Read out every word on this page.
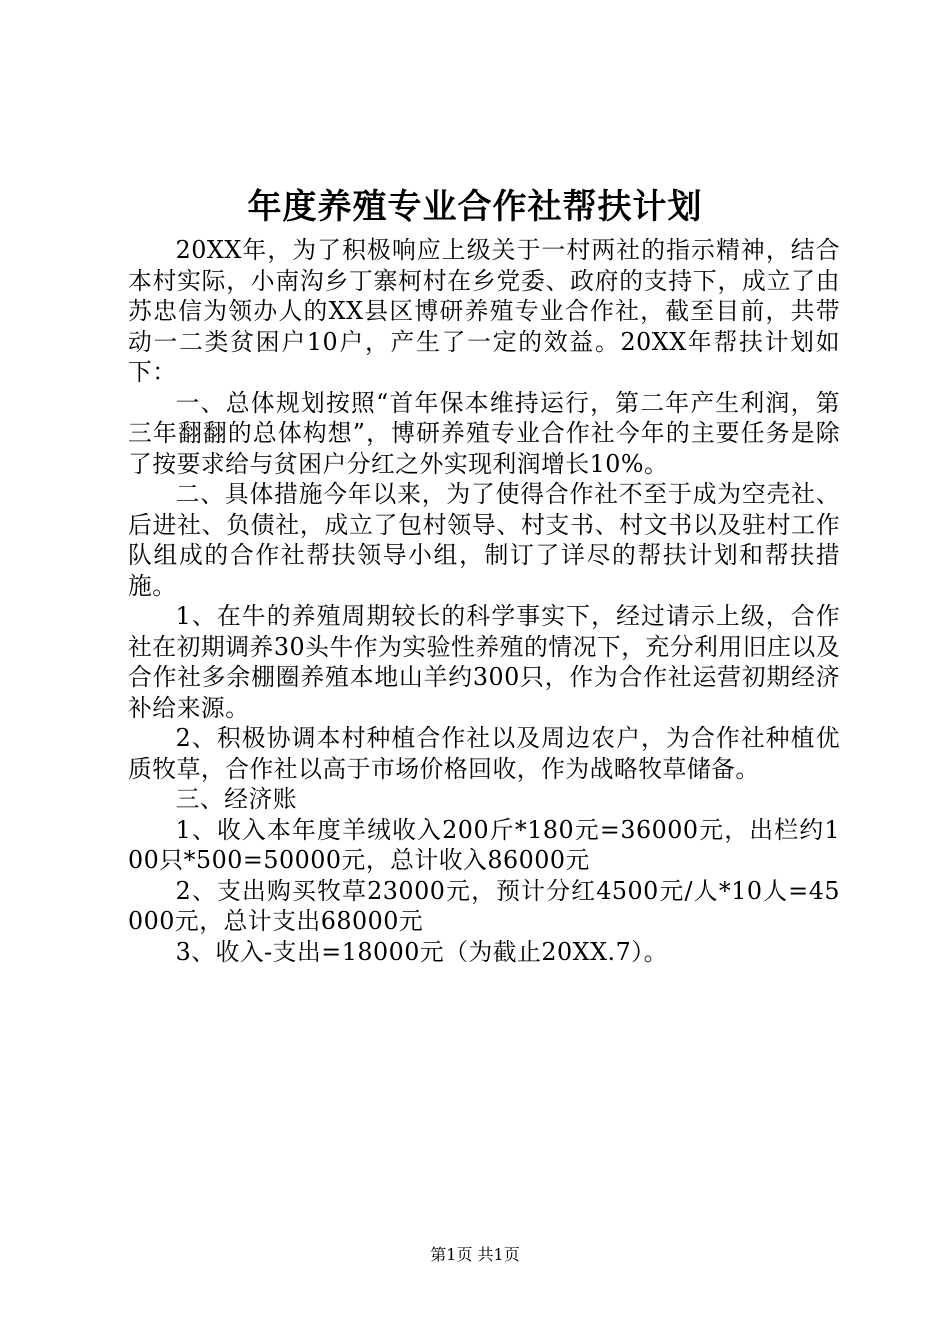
年度养殖专业合作社帮扶计划

20XX年，为了积极响应上级关于一村两社的指示精神，结合本村实际，小南沟乡丁寨柯村在乡党委、政府的支持下，成立了由苏忠信为领办人的XX县区博研养殖专业合作社，截至目前，共带动一二类贫困户10户，产生了一定的效益。20XX年帮扶计划如下：

一、总体规划按照“首年保本维持运行，第二年产生利润，第三年翻翻的总体构想”，博研养殖专业合作社今年的主要任务是除了按要求给与贫困户分红之外实现利润增长10%。

二、具体措施今年以来，为了使得合作社不至于成为空壳社、后进社、负债社，成立了包村领导、村支书、村文书以及驻村工作队组成的合作社帮扶领导小组，制订了详尽的帮扶计划和帮扶措施。

1、在牛的养殖周期较长的科学事实下，经过请示上级，合作社在初期调养30头牛作为实验性养殖的情况下，充分利用旧庄以及合作社多余棚圈养殖本地山羊约300只，作为合作社运营初期经济补给来源。

2、积极协调本村种植合作社以及周边农户，为合作社种植优质牧草，合作社以高于市场价格回收，作为战略牧草储备。

三、经济账

1、收入本年度羊绒收入200斤*180元=36000元，出栏约100只*500=50000元，总计收入86000元

2、支出购买牧草23000元，预计分红4500元/人*10人=45000元，总计支出68000元

3、收入-支出=18000元（为截止20XX.7）。

第1页 共1页
